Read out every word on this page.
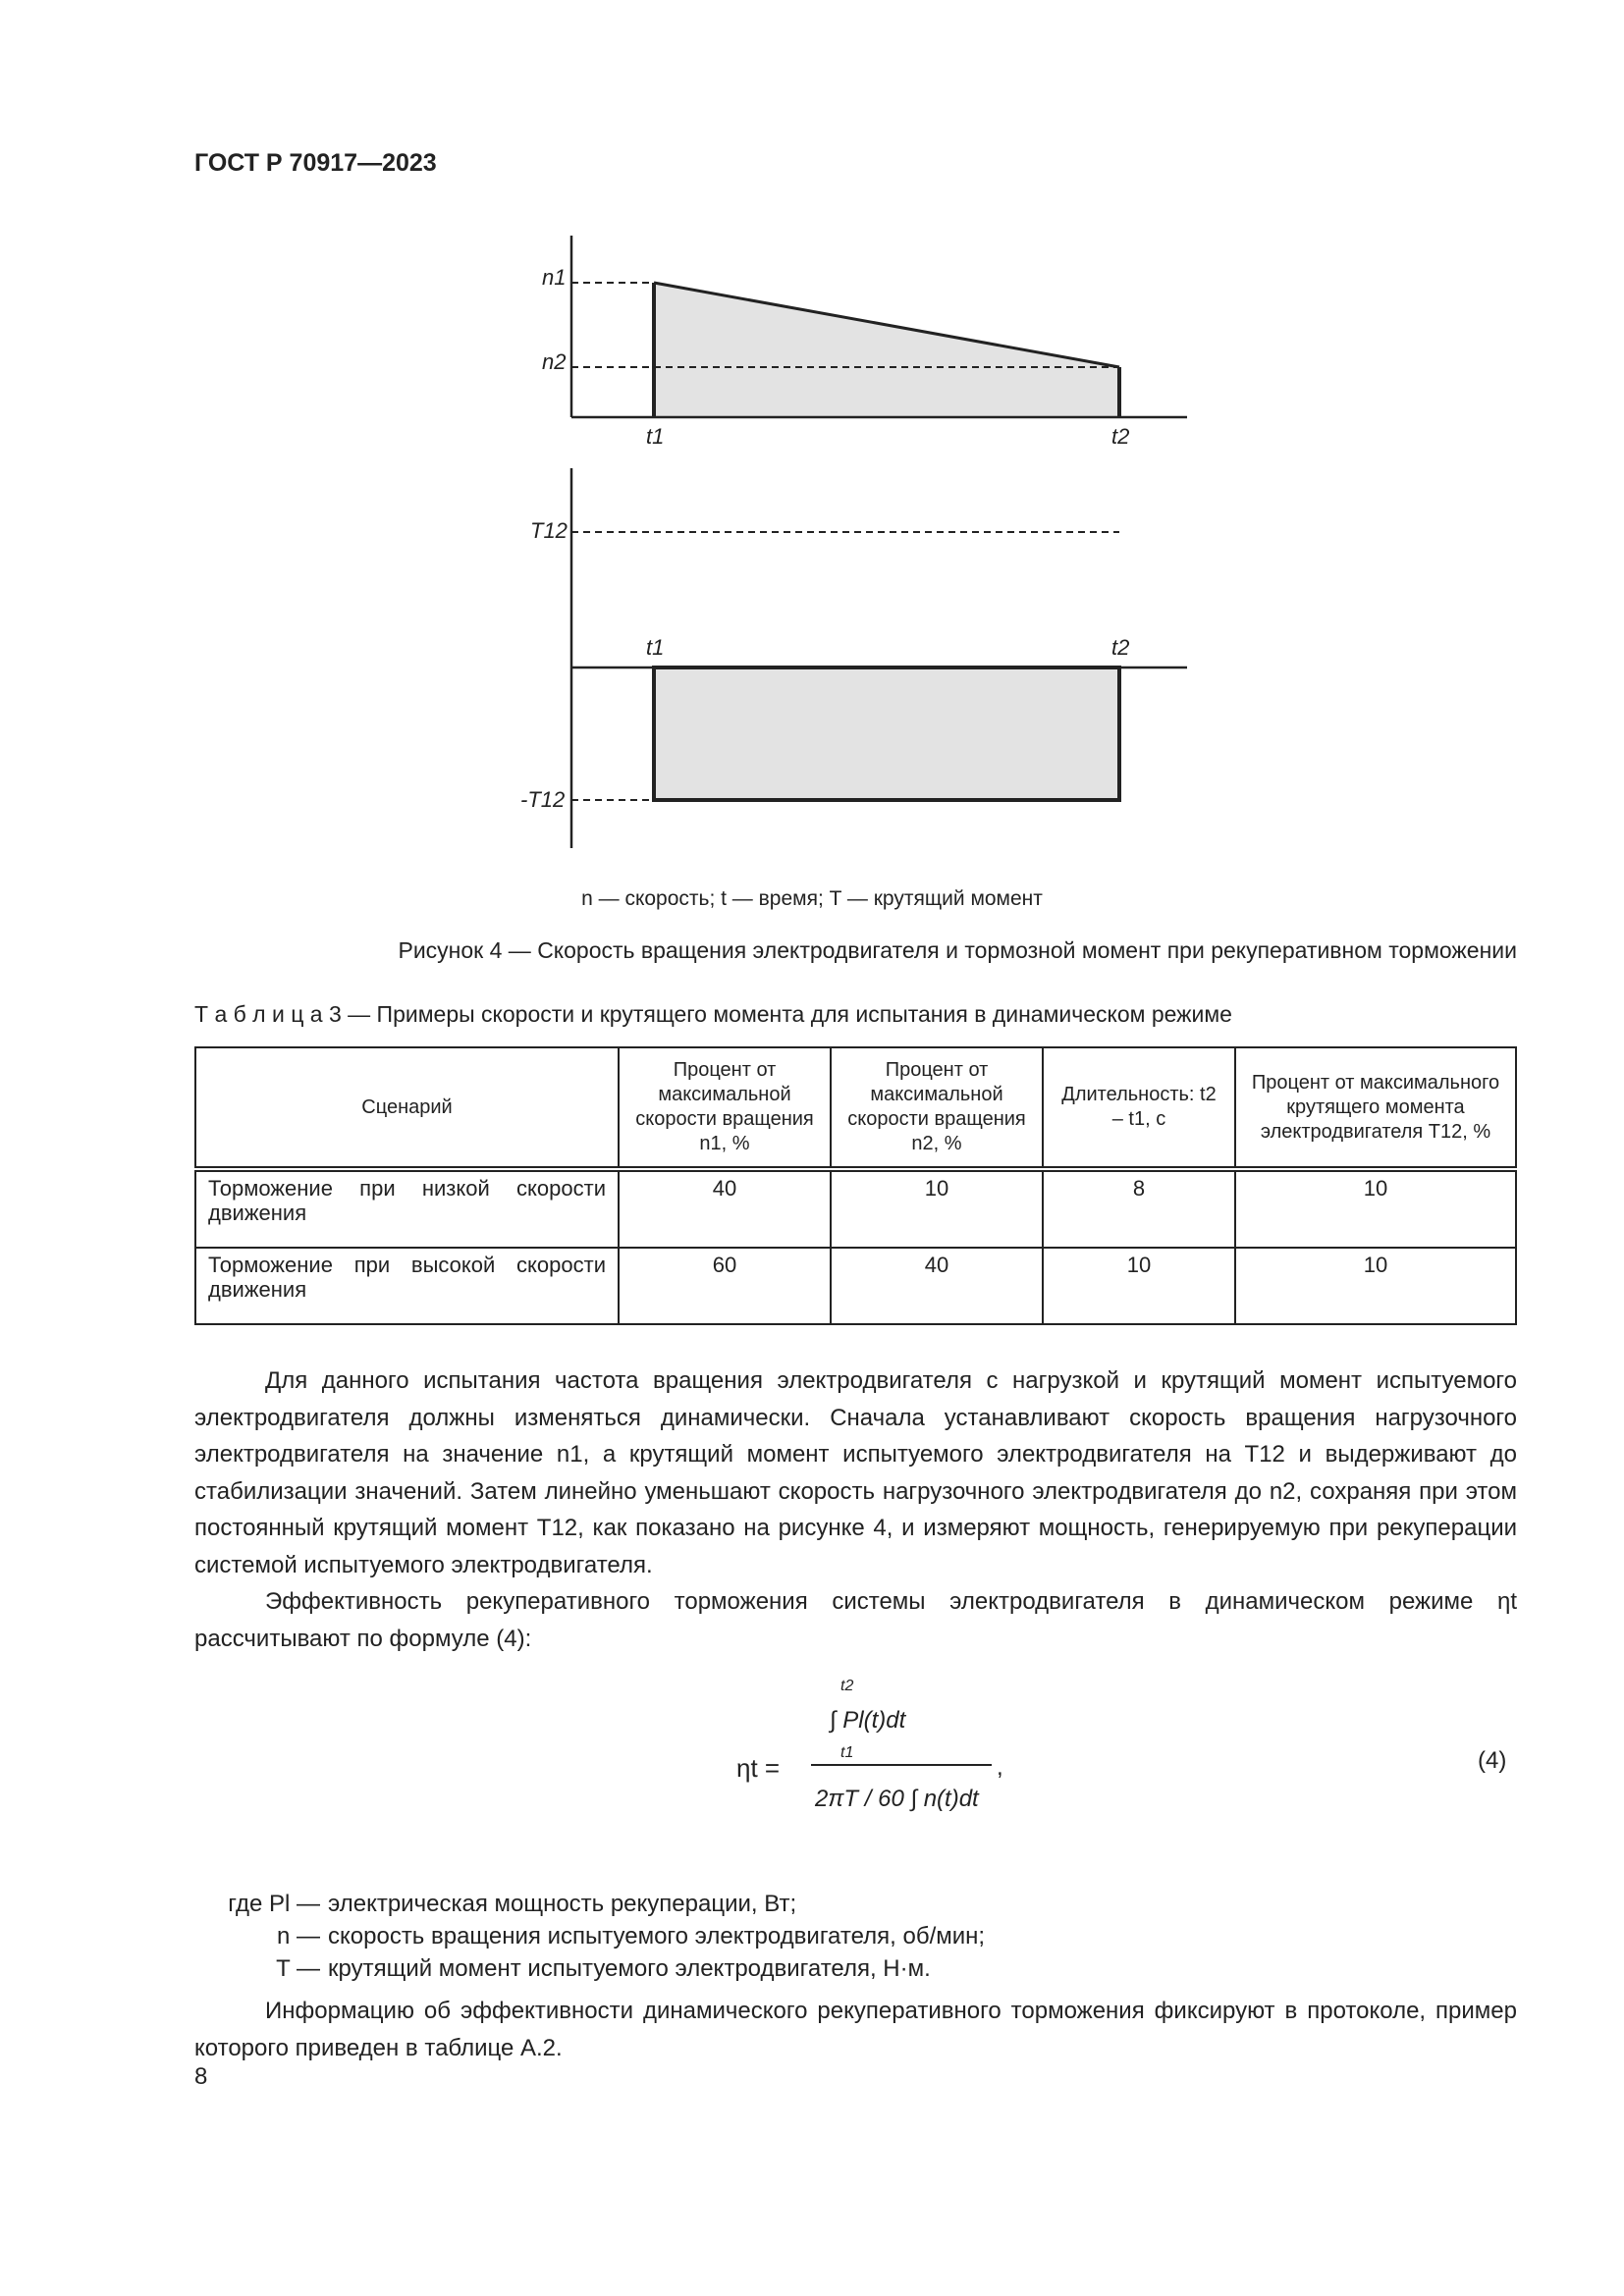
ГОСТ Р 70917—2023
n1
n2
t1	t2
T12
-T12
t1	t2
n — скорость; t — время; T — крутящий момент
Рисунок 4 — Скорость вращения электродвигателя и тормозной момент при рекуперативном торможении
Т а б л и ц а 3 — Примеры скорости и крутящего момента для испытания в динамическом режиме
Сценарий	Процент от максимальной скорости вращения n1, %	Процент от максимальной скорости вращения n2, %	Длительность: t2 – t1, с	Процент от максимального крутящего момента электродвигателя T12, %
Торможение при низкой скорости движения	40	10	8	10
Торможение при высокой скорости движения	60	40	10	10

Для данного испытания частота вращения электродвигателя с нагрузкой и крутящий момент испытуемого электродвигателя должны изменяться динамически. Сначала устанавливают скорость вращения нагрузочного электродвигателя на значение n1, а крутящий момент испытуемого электродвигателя на T12 и выдерживают до стабилизации значений. Затем линейно уменьшают скорость нагрузочного электродвигателя до n2, сохраняя при этом постоянный крутящий момент T12, как показано на рисунке 4, и измеряют мощность, генерируемую при рекуперации системой испытуемого электродвигателя.

Эффективность рекуперативного торможения системы электродвигателя в динамическом режиме ηt рассчитывают по формуле (4):

ηt =
∫ Pl(t)dt
2πT / 60 ∫ n(t)dt
t2
t1
,	(4)
где Pl — электрическая мощность рекуперации, Вт;
n — скорость вращения испытуемого электродвигателя, об/мин;
T — крутящий момент испытуемого электродвигателя, Н·м.

Информацию об эффективности динамического рекуперативного торможения фиксируют в протоколе, пример которого приведен в таблице А.2.

8
